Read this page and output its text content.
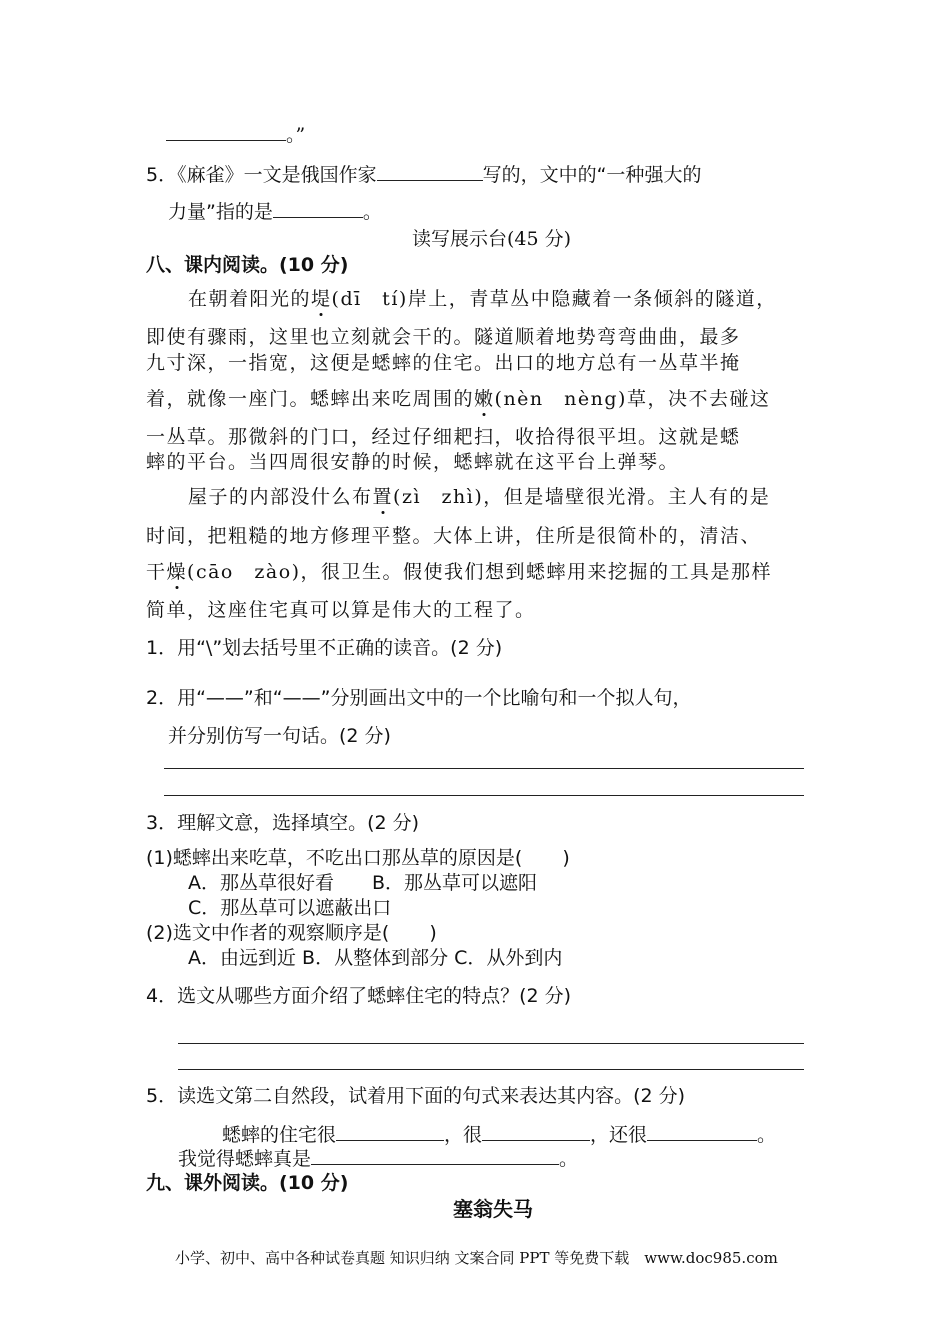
。”
5．《麻雀》一文是俄国作家	写的，文中的“一种强大的
力量”指的是	。
读写展示台(45 分)
八、课内阅读。(10 分)
在朝着阳光的堤(dī　tí)岸上，青草丛中隐藏着一条倾斜的隧道，
即使有骤雨，这里也立刻就会干的。隧道顺着地势弯弯曲曲，最多
九寸深，一指宽，这便是蟋蟀的住宅。出口的地方总有一丛草半掩
着，就像一座门。蟋蟀出来吃周围的嫩(nèn　nèng)草，决不去碰这
一丛草。那微斜的门口，经过仔细耙扫，收拾得很平坦。这就是蟋
蟀的平台。当四周很安静的时候，蟋蟀就在这平台上弹琴。
屋子的内部没什么布置(zì　zhì)，但是墙壁很光滑。主人有的是
时间，把粗糙的地方修理平整。大体上讲，住所是很简朴的，清洁、
干燥(cāo　zào)，很卫生。假使我们想到蟋蟀用来挖掘的工具是那样
简单，这座住宅真可以算是伟大的工程了。
1．用“\”划去括号里不正确的读音。(2 分)
2．用“——”和“——”分别画出文中的一个比喻句和一个拟人句，
并分别仿写一句话。(2 分)
3．理解文意，选择填空。(2 分)
(1)蟋蟀出来吃草，不吃出口那丛草的原因是( )
A．那丛草很好看　　B．那丛草可以遮阳
C．那丛草可以遮蔽出口
(2)选文中作者的观察顺序是( )
A．由远到近 B．从整体到部分 C．从外到内
4．选文从哪些方面介绍了蟋蟀住宅的特点？(2 分)
5．读选文第二自然段，试着用下面的句式来表达其内容。(2 分)
蟋蟀的住宅很	，很	，还很	。
我觉得蟋蟀真是	。
九、课外阅读。(10 分)
塞翁失马
小学、初中、高中各种试卷真题 知识归纳 文案合同 PPT 等免费下载　www.doc985.com
